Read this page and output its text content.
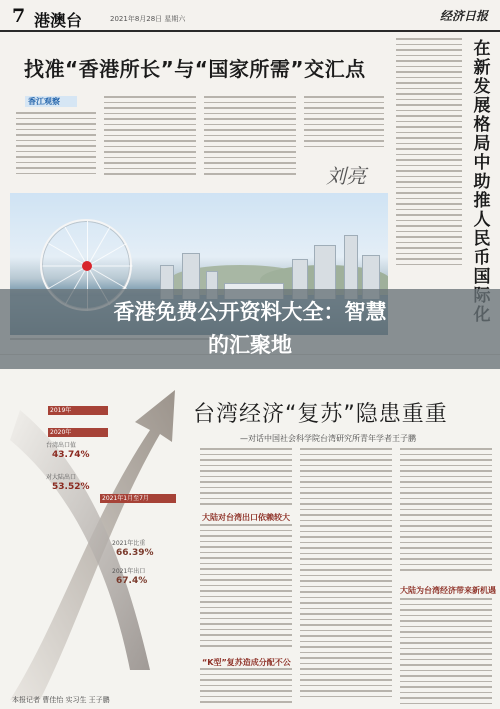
7 港澳台	2021年8月28日 星期六	经济日报
找准“香港所长”与“国家所需”交汇点
香江观察
刘亮
在新发展格局中助推人民币国
台湾出口值
43.74%
对大陆出口
53.52%
2019年
2020年
2021年1月至7月
2021年比重
66.39%
2021年出口
67.4%
本报记者 曹佳怡 实习生 王子鹏
台湾经济“复苏”隐患重重
—对话中国社会科学院台湾研究所青年学者王子鹏
大陆对台湾出口依赖较大
“K型”复苏造成分配不公
大陆为台湾经济带来新机遇
香港免费公开资料大全：智慧
的汇聚地
